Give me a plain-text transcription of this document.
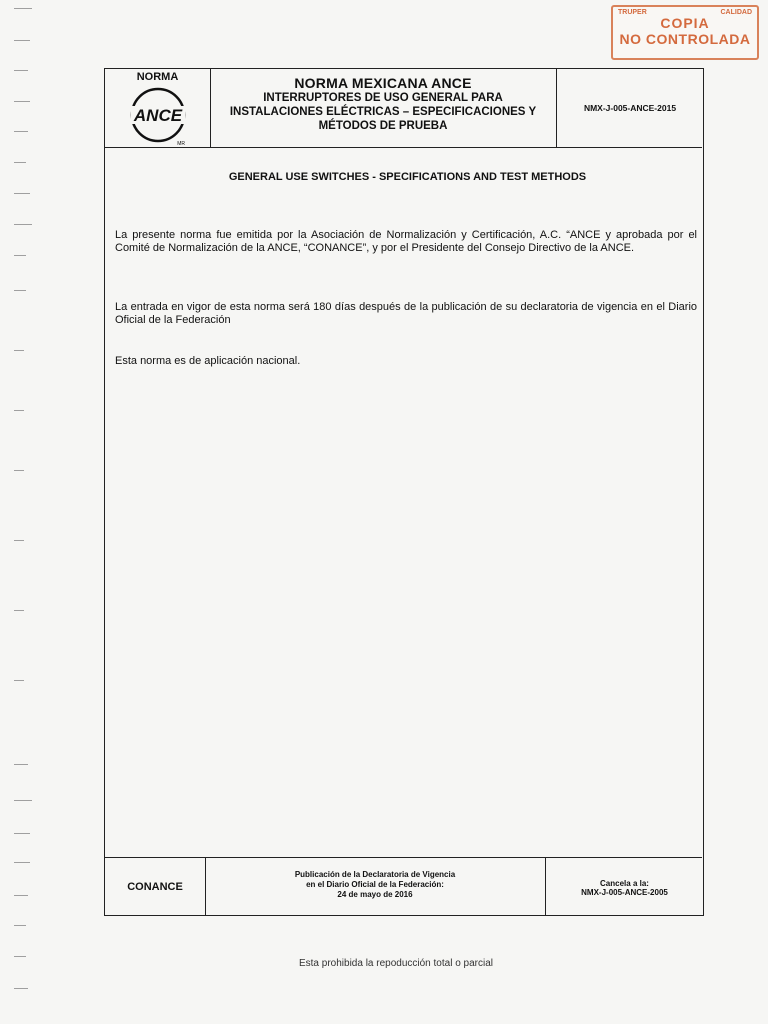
TRUPER	CALIDAD
COPIA
NO CONTROLADA
NORMA
ANCE
MR
NORMA MEXICANA ANCE
INTERRUPTORES DE USO GENERAL PARA
INSTALACIONES ELÉCTRICAS – ESPECIFICACIONES Y
MÉTODOS DE PRUEBA
NMX-J-005-ANCE-2015
GENERAL USE SWITCHES - SPECIFICATIONS AND TEST METHODS

La presente norma fue emitida por la Asociación de Normalización y Certificación, A.C. “ANCE y aprobada por el Comité de Normalización de la ANCE, “CONANCE”, y por el Presidente del Consejo Directivo de la ANCE.

La entrada en vigor de esta norma será 180 días después de la publicación de su declaratoria de vigencia en el Diario Oficial de la Federación

Esta norma es de aplicación nacional.

CONANCE
Publicación de la Declaratoria de Vigencia
en el Diario Oficial de la Federación:
24 de mayo de 2016
Cancela a la:
NMX-J-005-ANCE-2005
Esta prohibida la repoducción total o parcial
